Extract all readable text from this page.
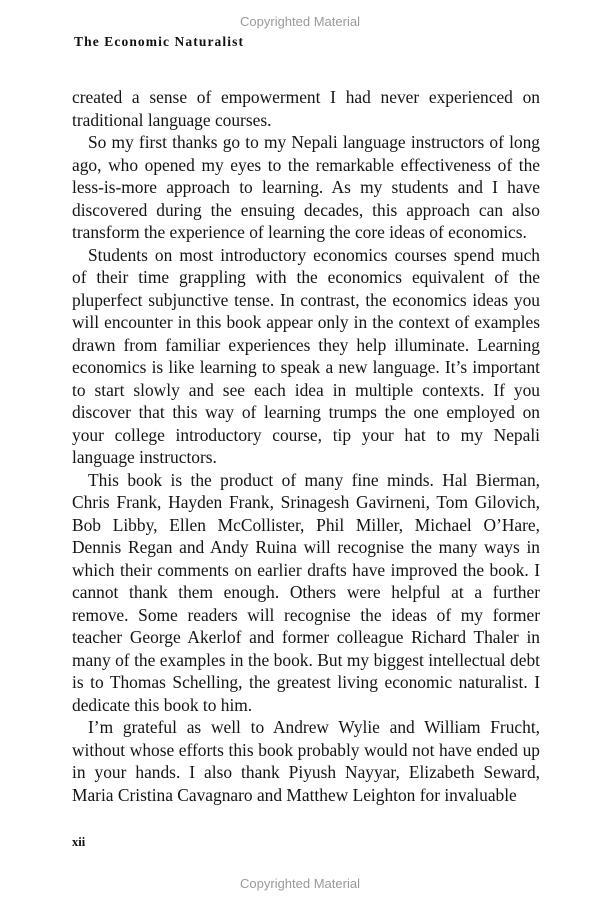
Copyrighted Material
The Economic Naturalist

created a sense of empowerment I had never experienced on traditional language courses.

So my first thanks go to my Nepali language instructors of long ago, who opened my eyes to the remarkable effectiveness of the less-is-more approach to learning. As my students and I have discovered during the ensuing decades, this approach can also transform the experience of learning the core ideas of economics.

Students on most introductory economics courses spend much of their time grappling with the economics equivalent of the pluperfect subjunctive tense. In contrast, the economics ideas you will encounter in this book appear only in the context of examples drawn from familiar experiences they help illuminate. Learning economics is like learning to speak a new language. It’s important to start slowly and see each idea in multiple contexts. If you discover that this way of learning trumps the one employed on your college introductory course, tip your hat to my Nepali language instructors.

This book is the product of many fine minds. Hal Bierman, Chris Frank, Hayden Frank, Srinagesh Gavirneni, Tom Gilovich, Bob Libby, Ellen McCollister, Phil Miller, Michael O’Hare, Dennis Regan and Andy Ruina will recognise the many ways in which their comments on earlier drafts have improved the book. I cannot thank them enough. Others were helpful at a further remove. Some readers will recognise the ideas of my former teacher George Akerlof and former colleague Richard Thaler in many of the examples in the book. But my biggest intellectual debt is to Thomas Schelling, the greatest living economic naturalist. I dedicate this book to him.

I’m grateful as well to Andrew Wylie and William Frucht, without whose efforts this book probably would not have ended up in your hands. I also thank Piyush Nayyar, Elizabeth Seward, Maria Cristina Cavagnaro and Matthew Leighton for invaluable

xii
Copyrighted Material
